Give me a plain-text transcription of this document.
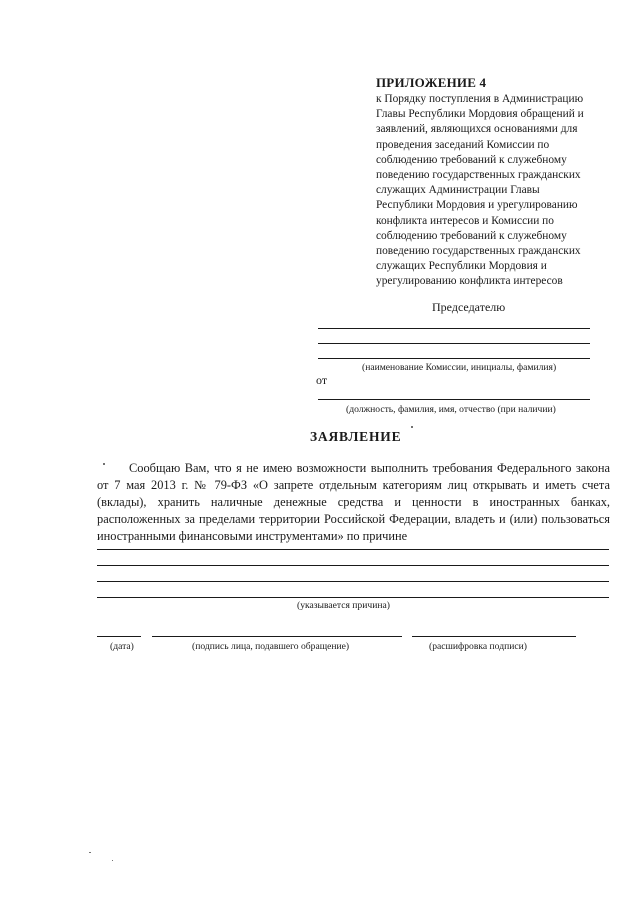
ПРИЛОЖЕНИЕ 4
к Порядку поступления в Администрацию
Главы Республики Мордовия обращений и
заявлений, являющихся основаниями для
проведения заседаний Комиссии по
соблюдению требований к служебному
поведению государственных гражданских
служащих Администрации Главы
Республики Мордовия и урегулированию
конфликта интересов и Комиссии по
соблюдению требований к служебному
поведению государственных гражданских
служащих Республики Мордовия и
урегулированию конфликта интересов
Председателю
(наименование Комиссии, инициалы, фамилия)
от
(должность, фамилия, имя, отчество (при наличии)
ЗАЯВЛЕНИЕ
Сообщаю Вам, что я не имею возможности выполнить требования Федерального закона от 7 мая 2013 г. № 79-ФЗ «О запрете отдельным категориям лиц открывать и иметь счета (вклады), хранить наличные денежные средства и ценности в иностранных банках, расположенных за пределами территории Российской Федерации, владеть и (или) пользоваться иностранными финансовыми инструментами» по причине
(указывается причина)
(дата)	(подпись лица, подавшего обращение)	(расшифровка подписи)
